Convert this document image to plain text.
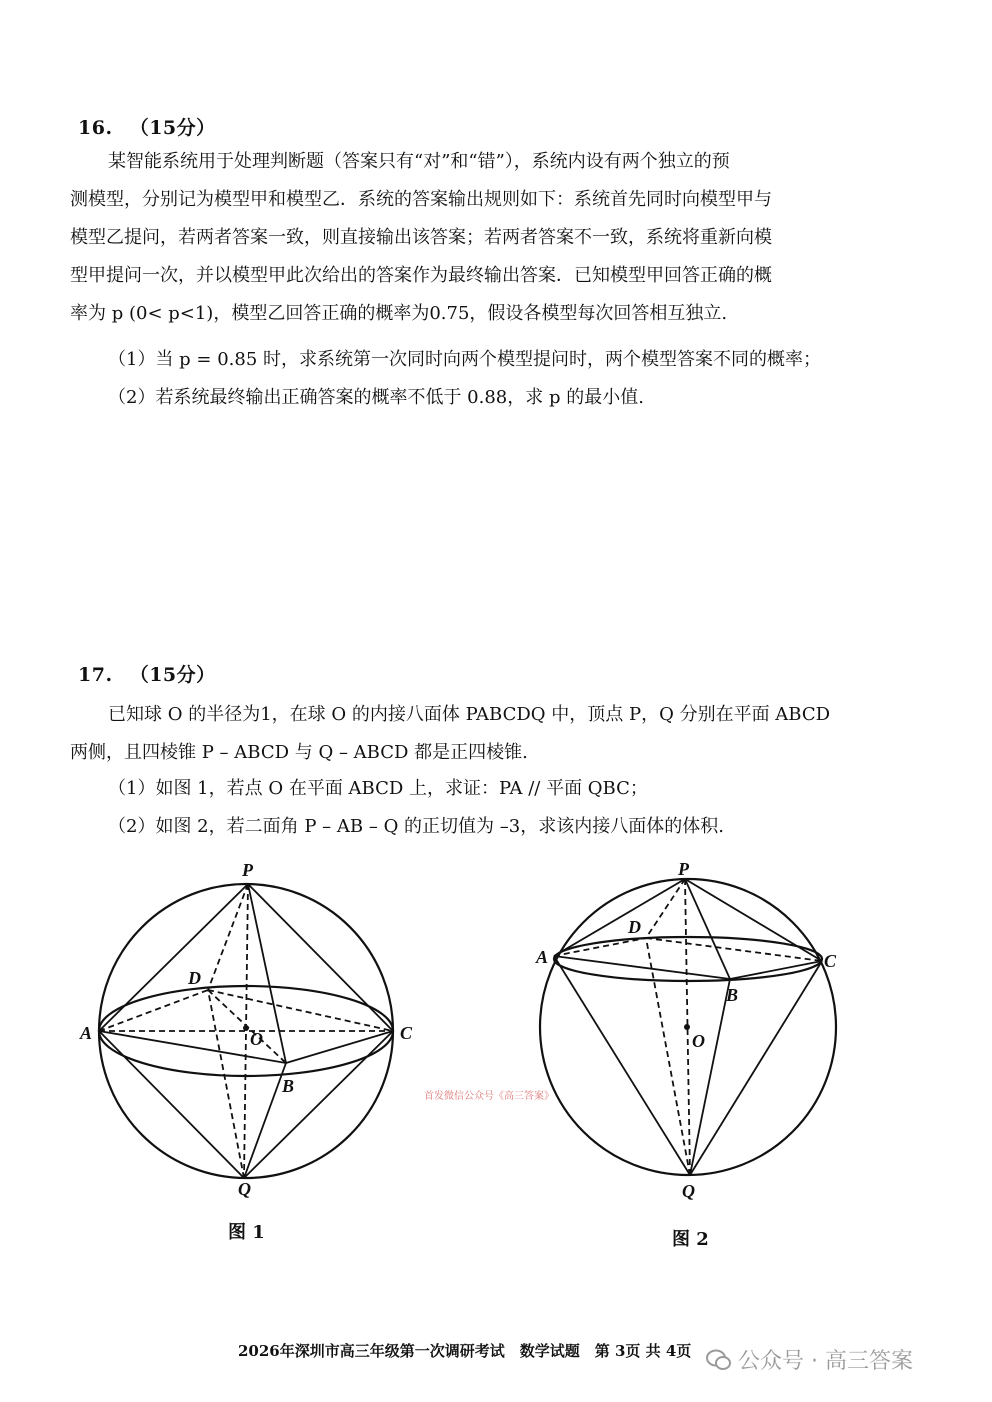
16. （15分）
某智能系统用于处理判断题（答案只有“对”和“错”），系统内设有两个独立的预
测模型，分别记为模型甲和模型乙．系统的答案输出规则如下：系统首先同时向模型甲与
模型乙提问，若两者答案一致，则直接输出该答案；若两者答案不一致，系统将重新向模
型甲提问一次，并以模型甲此次给出的答案作为最终输出答案．已知模型甲回答正确的概
率为 p (0< p<1)，模型乙回答正确的概率为0.75，假设各模型每次回答相互独立.
（1）当 p = 0.85 时，求系统第一次同时向两个模型提问时，两个模型答案不同的概率；
（2）若系统最终输出正确答案的概率不低于 0.88，求 p 的最小值.
17. （15分）
已知球 O 的半径为1，在球 O 的内接八面体 PABCDQ 中，顶点 P，Q 分别在平面 ABCD
两侧，且四棱锥 P – ABCD 与 Q – ABCD 都是正四棱锥.
（1）如图 1，若点 O 在平面 ABCD 上，求证：PA // 平面 QBC；
（2）如图 2，若二面角 P – AB – Q 的正切值为 –3，求该内接八面体的体积.
P
Q
A
B
C
D
O
图 1
P
Q
A
B
C
D
O
图 2
首发微信公众号《高三答案》
2026年深圳市高三年级第一次调研考试　数学试题　第 3页 共 4页 公众号 · 高三答案
